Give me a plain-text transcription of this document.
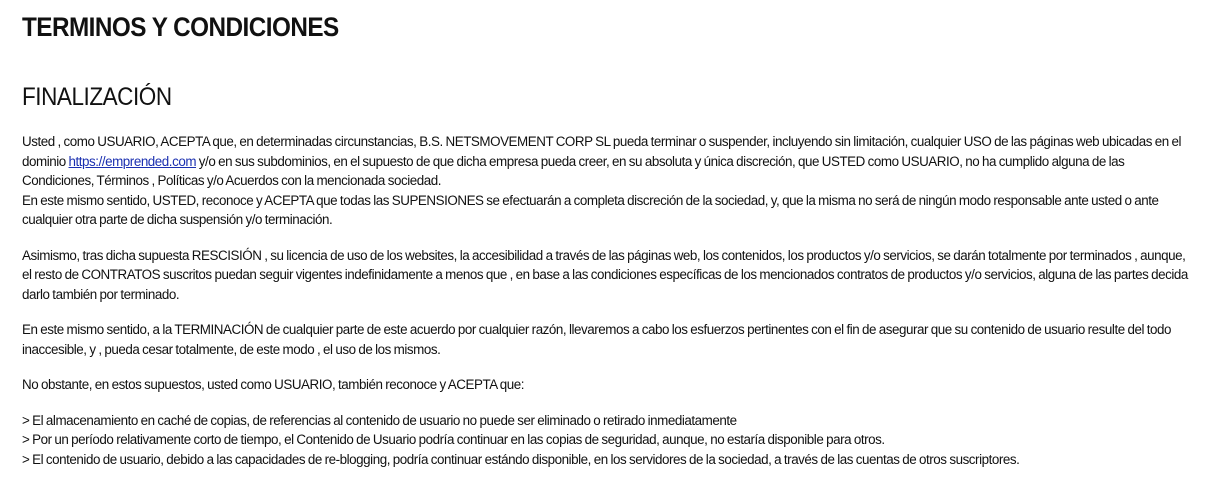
TERMINOS Y CONDICIONES
FINALIZACIÓN

Usted , como USUARIO, ACEPTA que, en determinadas circunstancias, B.S. NETSMOVEMENT CORP SL pueda terminar o suspender, incluyendo sin limitación, cualquier USO de las páginas web ubicadas en el dominio https://emprended.com y/o en sus subdominios, en el supuesto de que dicha empresa pueda creer, en su absoluta y única discreción, que USTED como USUARIO, no ha cumplido alguna de las Condiciones, Términos , Políticas y/o Acuerdos con la mencionada sociedad.

En este mismo sentido, USTED, reconoce y ACEPTA que todas las SUPENSIONES se efectuarán a completa discreción de la sociedad, y, que la misma no será de ningún modo responsable ante usted o ante cualquier otra parte de dicha suspensión y/o terminación.

Asimismo, tras dicha supuesta RESCISIÓN , su licencia de uso de los websites, la accesibilidad a través de las páginas web, los contenidos, los productos y/o servicios, se darán totalmente por terminados , aunque, el resto de CONTRATOS suscritos puedan seguir vigentes indefinidamente a menos que , en base a las condiciones específicas de los mencionados contratos de productos y/o servicios, alguna de las partes decida darlo también por terminado.

En este mismo sentido, a la TERMINACIÓN de cualquier parte de este acuerdo por cualquier razón, llevaremos a cabo los esfuerzos pertinentes con el fin de asegurar que su contenido de usuario resulte del todo inaccesible, y , pueda cesar totalmente, de este modo , el uso de los mismos.

No obstante, en estos supuestos, usted como USUARIO, también reconoce y ACEPTA que:

> El almacenamiento en caché de copias, de referencias al contenido de usuario no puede ser eliminado o retirado inmediatamente
> Por un período relativamente corto de tiempo, el Contenido de Usuario podría continuar en las copias de seguridad, aunque, no estaría disponible para otros.
> El contenido de usuario, debido a las capacidades de re-blogging, podría continuar estándo disponible, en los servidores de la sociedad, a través de las cuentas de otros suscriptores.
